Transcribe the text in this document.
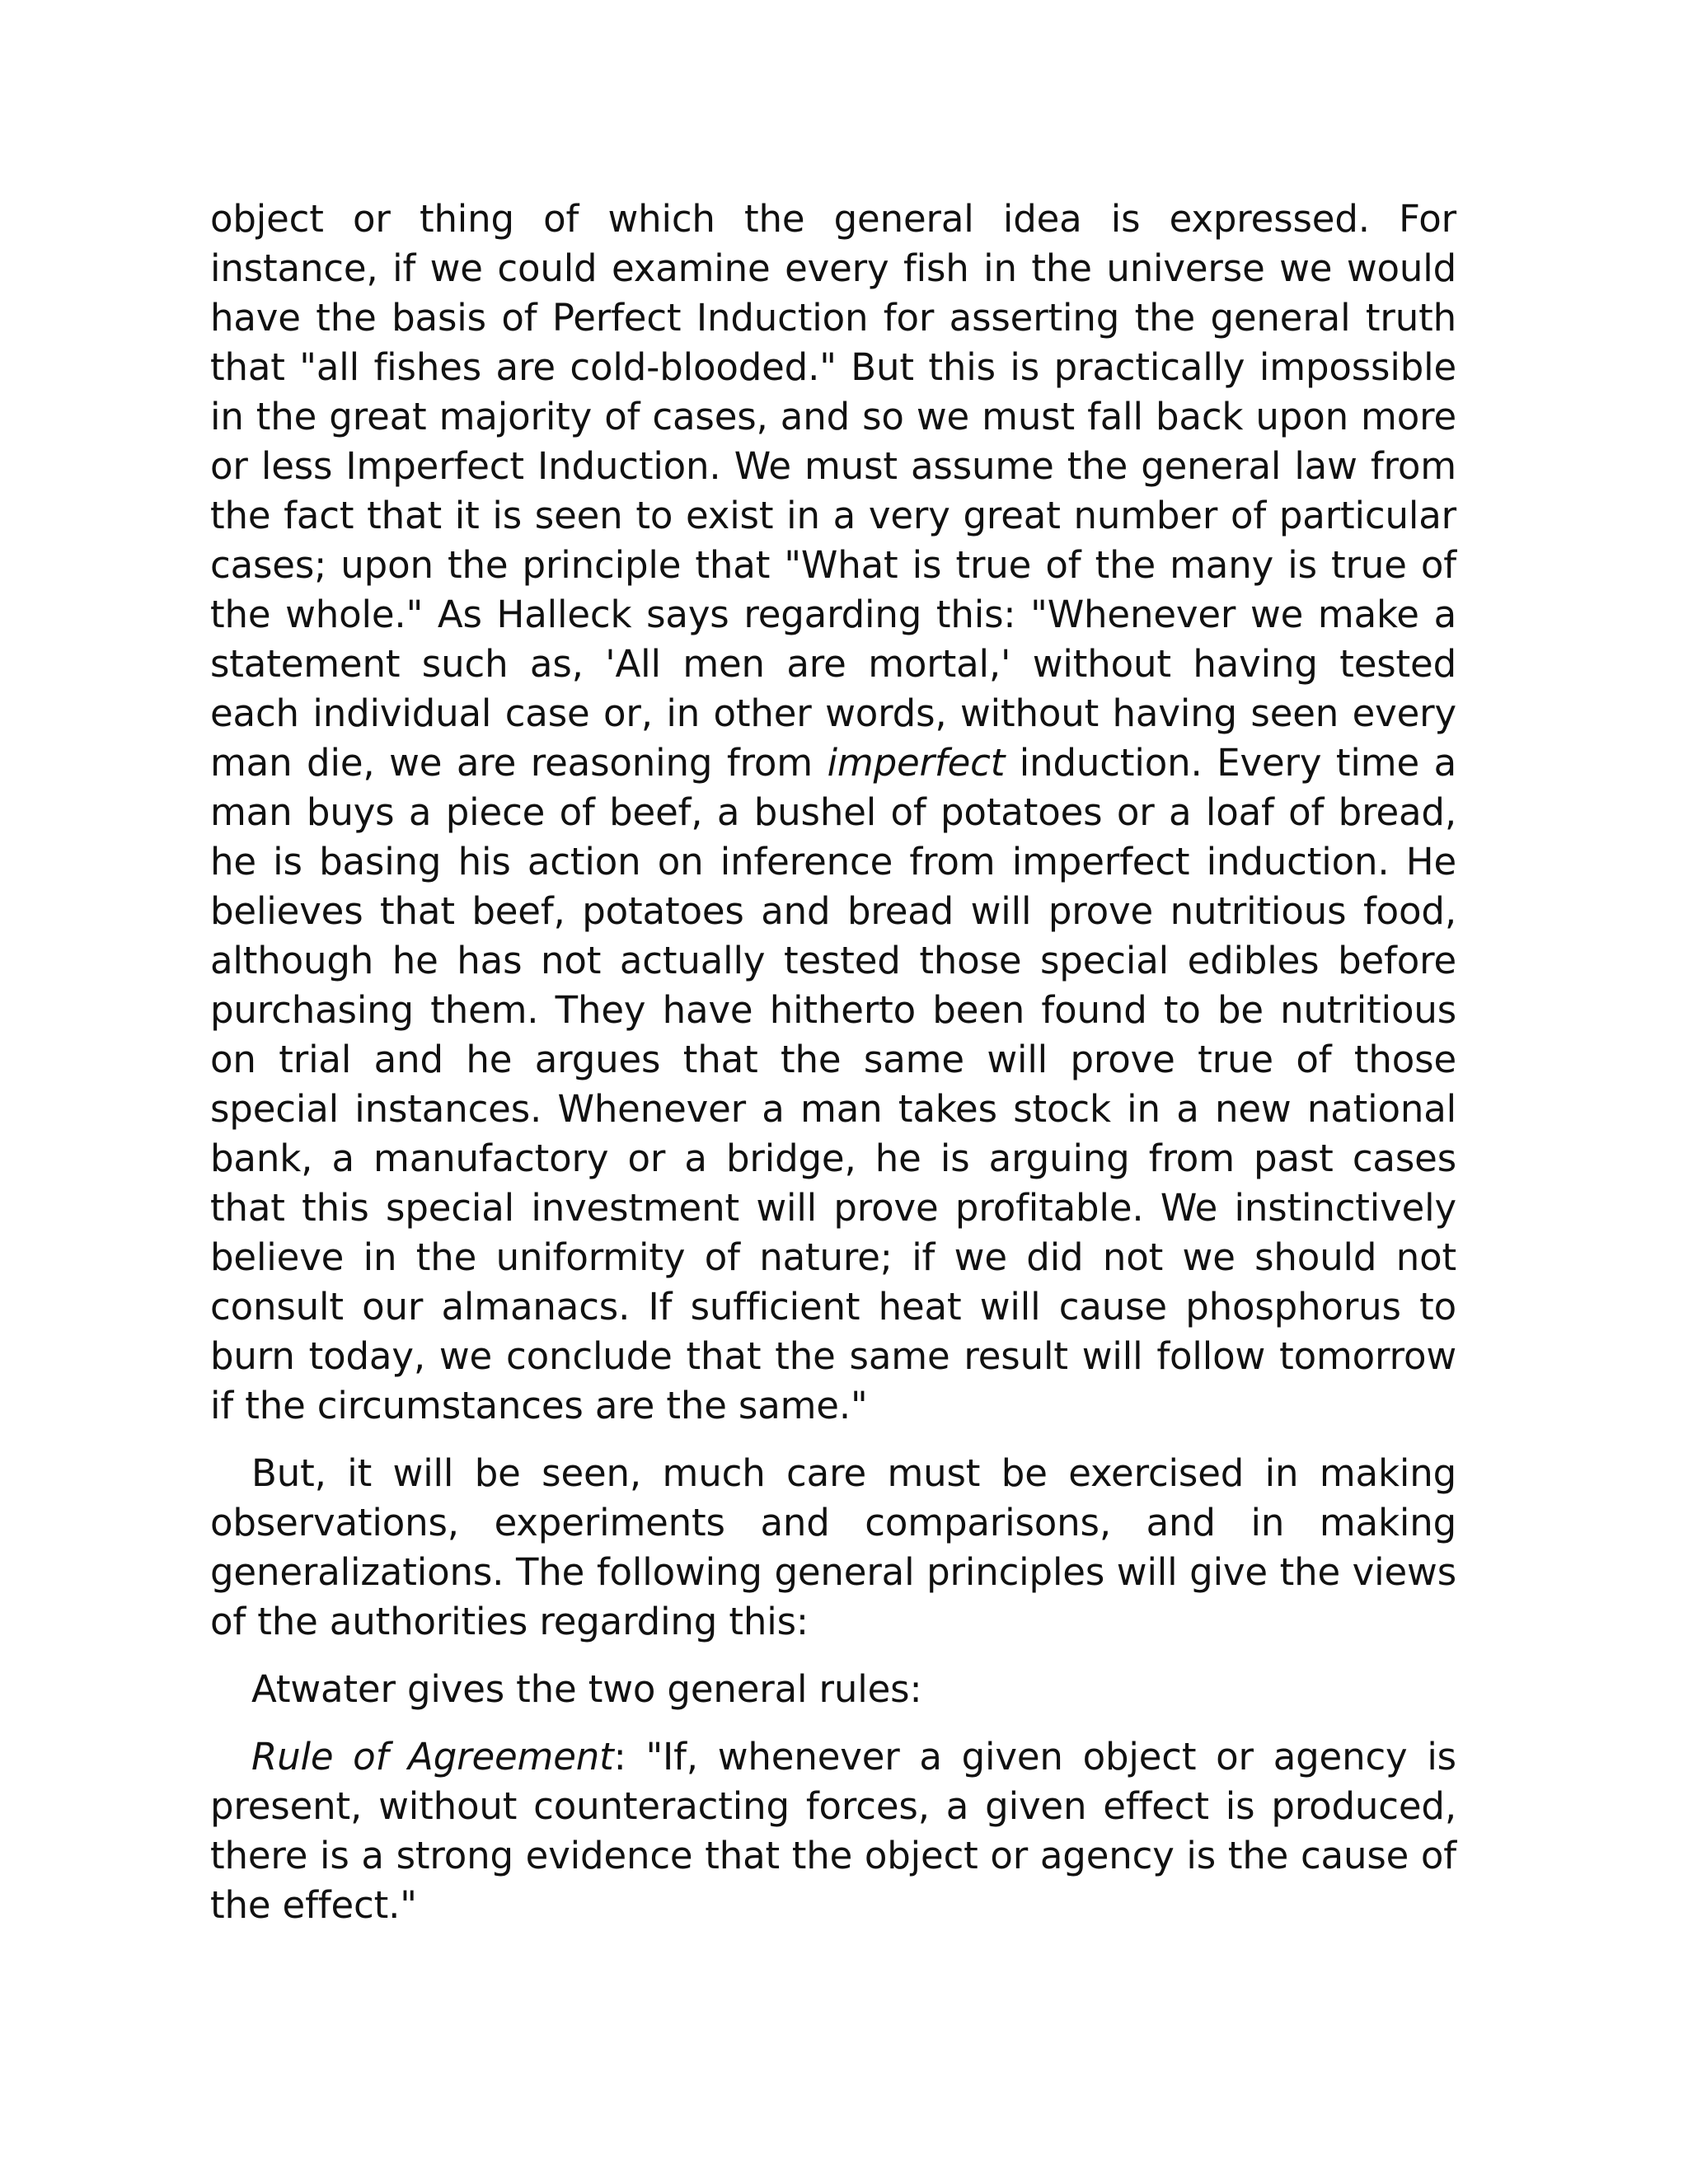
object or thing of which the general idea is expressed. For instance, if we could examine every fish in the universe we would have the basis of Perfect Induction for asserting the general truth that "all fishes are cold-blooded." But this is practically impossible in the great majority of cases, and so we must fall back upon more or less Imperfect Induction. We must assume the general law from the fact that it is seen to exist in a very great number of particular cases; upon the principle that "What is true of the many is true of the whole." As Halleck says regarding this: "Whenever we make a statement such as, 'All men are mortal,' without having tested each individual case or, in other words, without having seen every man die, we are reasoning from imperfect induction. Every time a man buys a piece of beef, a bushel of potatoes or a loaf of bread, he is basing his action on inference from imperfect induction. He believes that beef, potatoes and bread will prove nutritious food, although he has not actually tested those special edibles before purchasing them. They have hitherto been found to be nutritious on trial and he argues that the same will prove true of those special instances. Whenever a man takes stock in a new national bank, a manufactory or a bridge, he is arguing from past cases that this special investment will prove profitable. We instinctively believe in the uniformity of nature; if we did not we should not consult our almanacs. If sufficient heat will cause phosphorus to burn today, we conclude that the same result will follow tomorrow if the circumstances are the same."

But, it will be seen, much care must be exercised in making observations, experiments and comparisons, and in making generalizations. The following general principles will give the views of the authorities regarding this:

Atwater gives the two general rules:

Rule of Agreement: "If, whenever a given object or agency is present, without counteracting forces, a given effect is produced, there is a strong evidence that the object or agency is the cause of the effect."
